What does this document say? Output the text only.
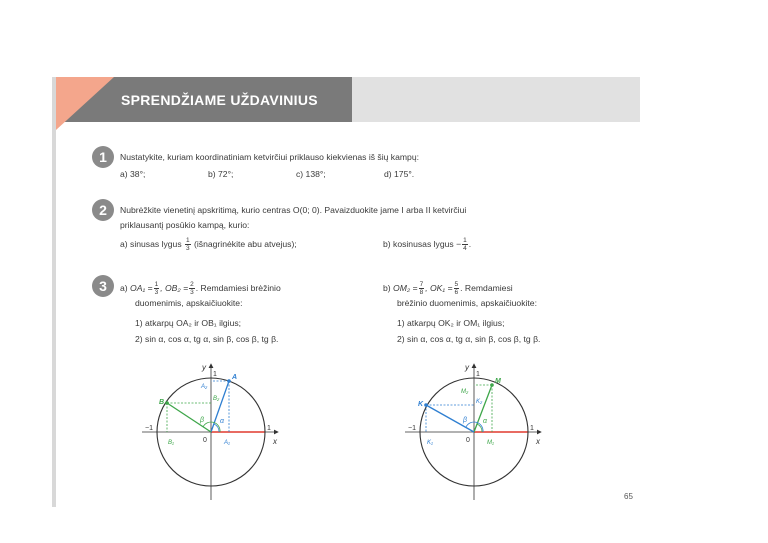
SPRENDŽIAME UŽDAVINIUS
1	Nustatykite, kuriam koordinatiniam ketvirčiui priklauso kiekvienas iš šių kampų:
a) 38°;	b) 72°;	c) 138°;	d) 175°.
2	Nubrėžkite vienetinį apskritimą, kurio centras O(0; 0). Pavaizduokite jame I arba II ketvirčiui
priklausantį posūkio kampą, kurio:
a) sinusas lygus $\frac{1}{3}$ (išnagrinėkite abu atvejus);	b) kosinusas lygus − $\frac{1}{4}$ .
3	a) $OA_1 = \frac{1}{3}$ , $OB_2 = \frac{2}{3}$ . Remdamiesi brėžinio
duomenimis, apskaičiuokite:
1) atkarpų OA₂ ir OB₁ ilgius;
2) sin α, cos α, tg α, sin β, cos β, tg β.
b) $OM_2 = \frac{7}{8}$ , $OK_1 = \frac{5}{6}$ . Remdamiesi
brėžinio duomenimis, apskaičiuokite:
1) atkarpų OK₂ ir OM₁ ilgius;
2) sin α, cos α, tg α, sin β, cos β, tg β.
y
x
1
−1	1
0
A
B
A₁
A₂
B₁
B₂
α
β
y
x
1
−1	1
0
M
K
M₁
M₂
K₁
K₂
α
β
65
